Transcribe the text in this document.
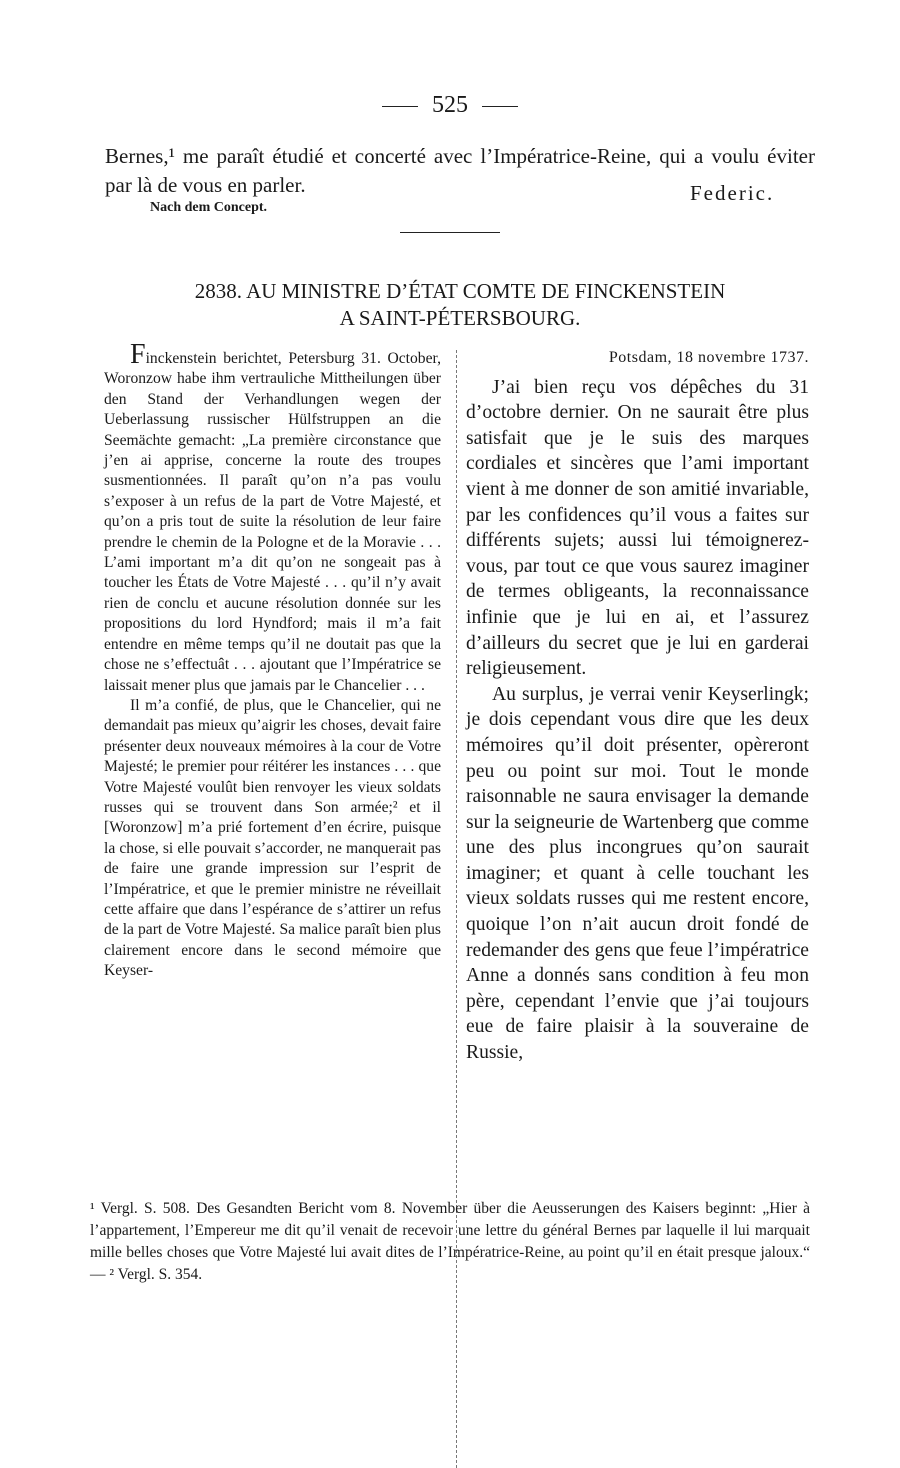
525
Bernes,¹ me paraît étudié et concerté avec l’Impératrice-Reine, qui a voulu éviter par là de vous en parler.	Federic.
Nach dem Concept.
2838. AU MINISTRE D’ÉTAT COMTE DE FINCKENSTEIN
A SAINT-PÉTERSBOURG.

Finckenstein berichtet, Petersburg 31. October, Woronzow habe ihm vertrauliche Mittheilungen über den Stand der Verhandlungen wegen der Ueberlassung russischer Hülfstruppen an die Seemächte gemacht: „La première circonstance que j’en ai apprise, concerne la route des troupes susmentionnées. Il paraît qu’on n’a pas voulu s’exposer à un refus de la part de Votre Majesté, et qu’on a pris tout de suite la résolution de leur faire prendre le chemin de la Pologne et de la Moravie . . . L’ami important m’a dit qu’on ne songeait pas à toucher les États de Votre Majesté . . . qu’il n’y avait rien de conclu et aucune résolution donnée sur les propositions du lord Hyndford; mais il m’a fait entendre en même temps qu’il ne doutait pas que la chose ne s’effectuât . . . ajoutant que l’Impératrice se laissait mener plus que jamais par le Chancelier . . .

Il m’a confié, de plus, que le Chancelier, qui ne demandait pas mieux qu’aigrir les choses, devait faire présenter deux nouveaux mémoires à la cour de Votre Majesté; le premier pour réitérer les instances . . . que Votre Majesté voulût bien renvoyer les vieux soldats russes qui se trouvent dans Son armée;² et il [Woronzow] m’a prié fortement d’en écrire, puisque la chose, si elle pouvait s’accorder, ne manquerait pas de faire une grande impression sur l’esprit de l’Impératrice, et que le premier ministre ne réveillait cette affaire que dans l’espérance de s’attirer un refus de la part de Votre Majesté. Sa malice paraît bien plus clairement encore dans le second mémoire que Keyser-

Potsdam, 18 novembre 1737.

J’ai bien reçu vos dépêches du 31 d’octobre dernier. On ne saurait être plus satisfait que je le suis des marques cordiales et sincères que l’ami important vient à me donner de son amitié invariable, par les confidences qu’il vous a faites sur différents sujets; aussi lui témoignerez-vous, par tout ce que vous saurez imaginer de termes obligeants, la reconnaissance infinie que je lui en ai, et l’assurez d’ailleurs du secret que je lui en garderai religieusement.

Au surplus, je verrai venir Keyserlingk; je dois cependant vous dire que les deux mémoires qu’il doit présenter, opèreront peu ou point sur moi. Tout le monde raisonnable ne saura envisager la demande sur la seigneurie de Wartenberg que comme une des plus incongrues qu’on saurait imaginer; et quant à celle touchant les vieux soldats russes qui me restent encore, quoique l’on n’ait aucun droit fondé de redemander des gens que feue l’impératrice Anne a donnés sans condition à feu mon père, cependant l’envie que j’ai toujours eue de faire plaisir à la souveraine de Russie,

¹ Vergl. S. 508. Des Gesandten Bericht vom 8. November über die Aeusserungen des Kaisers beginnt: „Hier à l’appartement, l’Empereur me dit qu’il venait de recevoir une lettre du général Bernes par laquelle il lui marquait mille belles choses que Votre Majesté lui avait dites de l’Impératrice-Reine, au point qu’il en était presque jaloux.“ — ² Vergl. S. 354.
